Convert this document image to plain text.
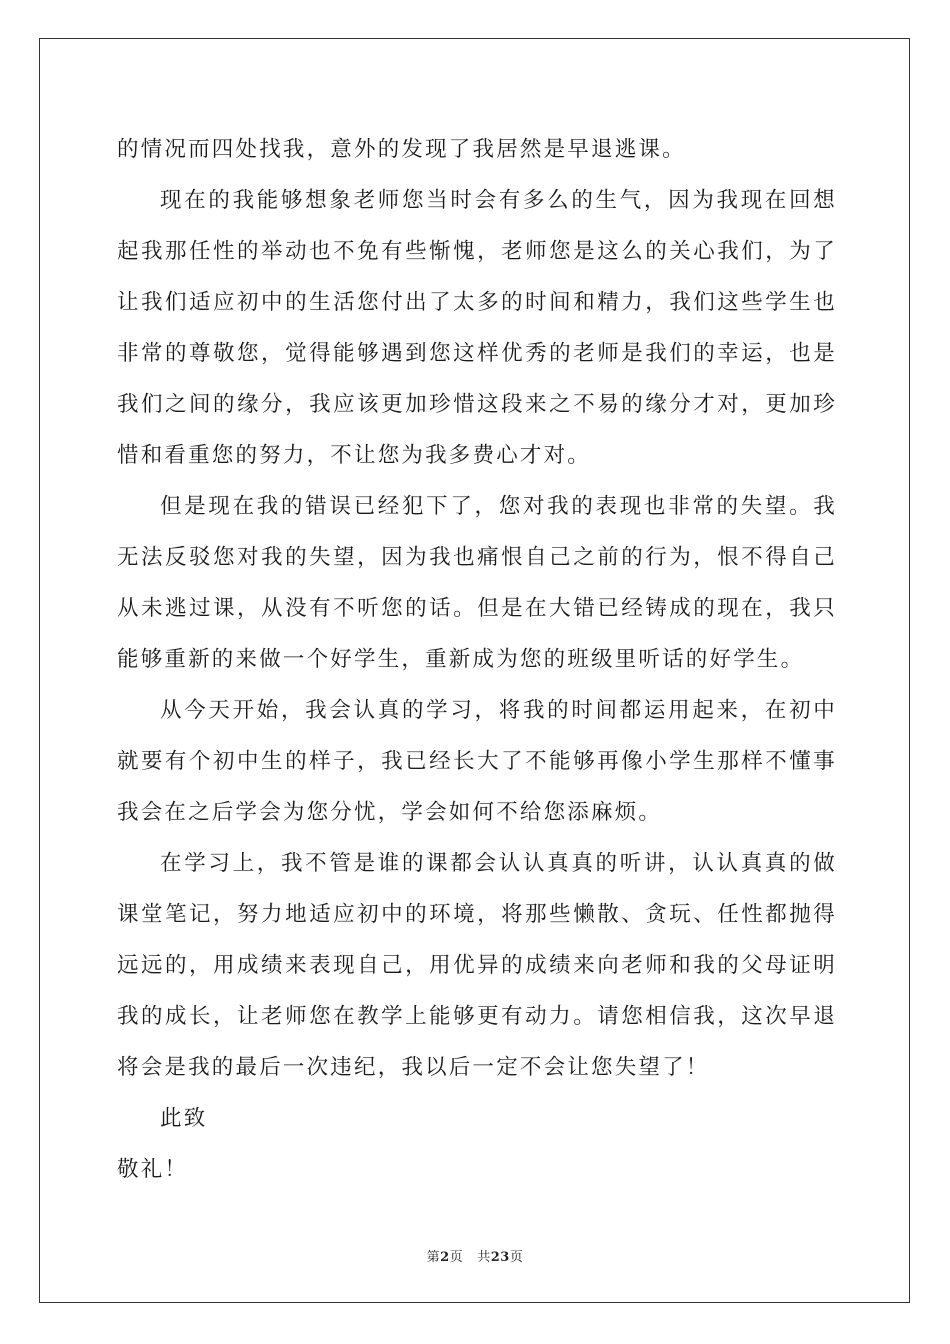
的情况而四处找我，意外的发现了我居然是早退逃课。

现在的我能够想象老师您当时会有多么的生气，因为我现在回想起我那任性的举动也不免有些惭愧，老师您是这么的关心我们，为了让我们适应初中的生活您付出了太多的时间和精力，我们这些学生也非常的尊敬您，觉得能够遇到您这样优秀的老师是我们的幸运，也是我们之间的缘分，我应该更加珍惜这段来之不易的缘分才对，更加珍惜和看重您的努力，不让您为我多费心才对。

但是现在我的错误已经犯下了，您对我的表现也非常的失望。我无法反驳您对我的失望，因为我也痛恨自己之前的行为，恨不得自己从未逃过课，从没有不听您的话。但是在大错已经铸成的现在，我只能够重新的来做一个好学生，重新成为您的班级里听话的好学生。

从今天开始，我会认真的学习，将我的时间都运用起来，在初中就要有个初中生的样子，我已经长大了不能够再像小学生那样不懂事我会在之后学会为您分忧，学会如何不给您添麻烦。

在学习上，我不管是谁的课都会认认真真的听讲，认认真真的做课堂笔记，努力地适应初中的环境，将那些懒散、贪玩、任性都抛得远远的，用成绩来表现自己，用优异的成绩来向老师和我的父母证明我的成长，让老师您在教学上能够更有动力。请您相信我，这次早退将会是我的最后一次违纪，我以后一定不会让您失望了！

此致

敬礼！

第2页 共23页
